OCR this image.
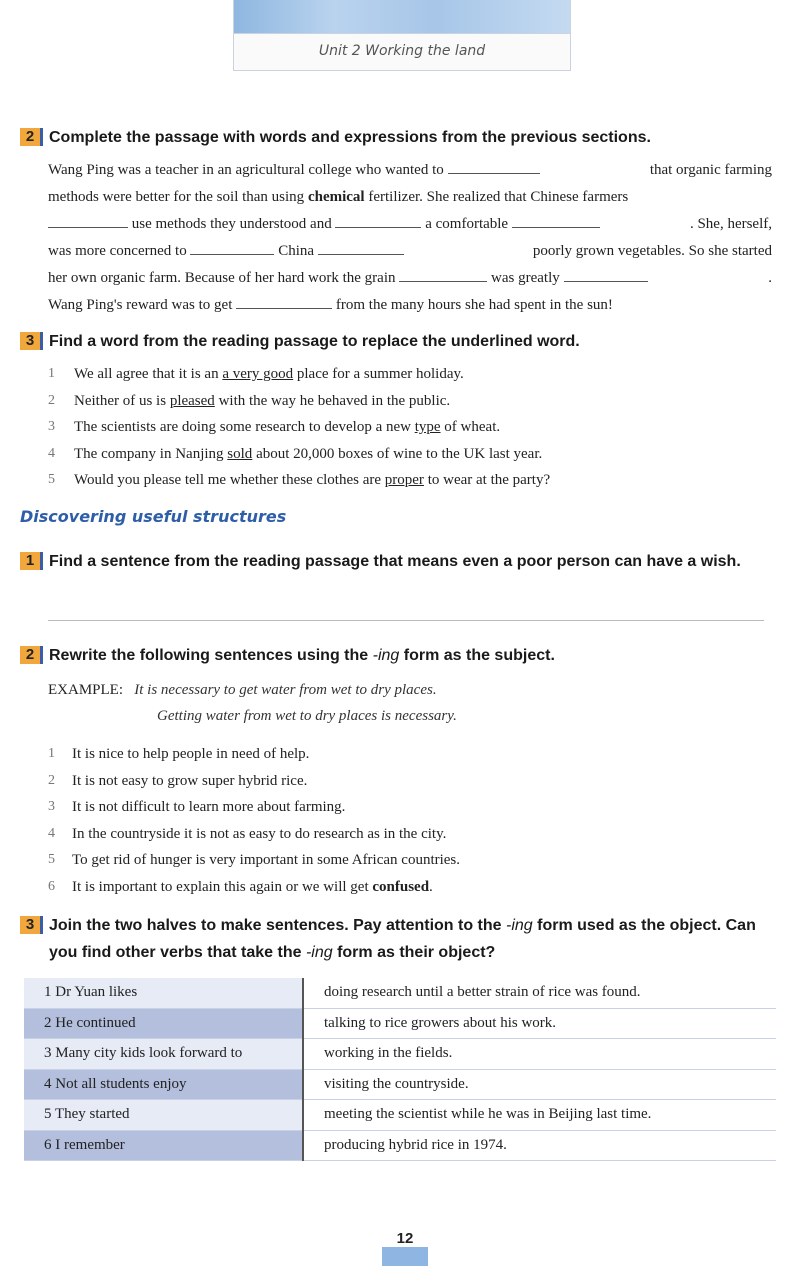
Unit 2 Working the land
2 Complete the passage with words and expressions from the previous sections.
Wang Ping was a teacher in an agricultural college who wanted to	that organic farming
methods were better for the soil than using chemical fertilizer. She realized that Chinese farmers
use methods they understood and	a comfortable	. She, herself,
was more concerned to	China	poorly grown vegetables. So she started
her own organic farm. Because of her hard work the grain	was greatly	.
Wang Ping's reward was to get	from the many hours she had spent in the sun!
3 Find a word from the reading passage to replace the underlined word.
1	We all agree that it is an a very good place for a summer holiday.
2	Neither of us is pleased with the way he behaved in the public.
3	The scientists are doing some research to develop a new type of wheat.
4	The company in Nanjing sold about 20,000 boxes of wine to the UK last year.
5	Would you please tell me whether these clothes are proper to wear at the party?
Discovering useful structures
1 Find a sentence from the reading passage that means even a poor person can have a wish.
2 Rewrite the following sentences using the -ing form as the subject.
EXAMPLE: It is necessary to get water from wet to dry places.
Getting water from wet to dry places is necessary.
1	It is nice to help people in need of help.
2	It is not easy to grow super hybrid rice.
3	It is not difficult to learn more about farming.
4	In the countryside it is not as easy to do research as in the city.
5	To get rid of hunger is very important in some African countries.
6	It is important to explain this again or we will get confused.
3 Join the two halves to make sentences. Pay attention to the -ing form used as the object. Can you find other verbs that take the -ing form as their object?
1 Dr Yuan likes	doing research until a better strain of rice was found.
2 He continued	talking to rice growers about his work.
3 Many city kids look forward to	working in the fields.
4 Not all students enjoy	visiting the countryside.
5 They started	meeting the scientist while he was in Beijing last time.
6 I remember	producing hybrid rice in 1974.
12
